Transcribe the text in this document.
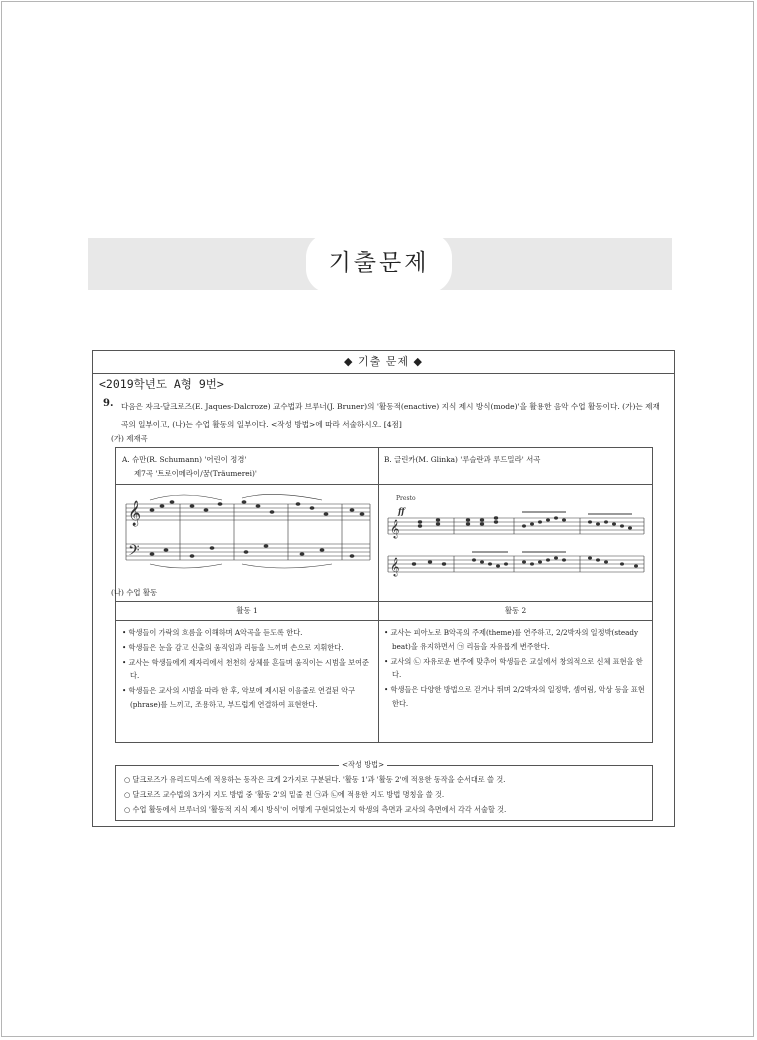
기출문제
◆ 기출 문제 ◆
<2019학년도 A형 9번>
9. 다음은 자크-달크로즈(E. Jaques-Dalcroze) 교수법과 브루너(J. Bruner)의 '활동적(enactive) 지식 제시 방식(mode)'을 활용한 음악 수업 활동이다. (가)는 제재곡의 일부이고, (나)는 수업 활동의 일부이다. <작성 방법>에 따라 서술하시오. [4점]
(가) 제재곡
A. 슈만(R. Schumann) '어린이 정경'
제7곡 '트로이메라이/꿈(Träumerei)'
B. 글린카(M. Glinka) '루슬란과 루드밀라' 서곡
𝄞
𝄢
Presto
ff
𝄞
𝄞
(나) 수업 활동
활동 1	활동 2
• 학생들이 가락의 흐름을 이해하며 A악곡을 듣도록 한다.
• 학생들은 눈을 감고 신출의 움직임과 리듬을 느끼며 손으로 지휘한다.
• 교사는 학생들에게 제자리에서 천천히 상체를 흔들며 움직이는 시범을 보여준다.
• 학생들은 교사의 시범을 따라 한 후, 악보에 제시된 이음줄로 연결된 악구(phrase)를 느끼고, 조용하고, 부드럽게 연결하여 표현한다.
• 교사는 피아노로 B악곡의 주제(theme)를 연주하고, 2/2박자의 일정박(steady beat)을 유지하면서 ㉠ 리듬을 자유롭게 변주한다.
• 교사의 ㉡ 자유로운 변주에 맞추어 학생들은 교실에서 창의적으로 신체 표현을 한다.
• 학생들은 다양한 방법으로 걷거나 뛰며 2/2박자의 일정박, 셈여림, 악상 등을 표현한다.
<작성 방법>
○ 달크로즈가 유리드믹스에 적용하는 동작은 크게 2가지로 구분된다. '활동 1'과 '활동 2'에 적용한 동작을 순서대로 쓸 것.
○ 달크로즈 교수법의 3가지 지도 방법 중 '활동 2'의 밑줄 친 ㉠과 ㉡에 적용한 지도 방법 명칭을 쓸 것.
○ 수업 활동에서 브루너의 '활동적 지식 제시 방식'이 어떻게 구현되었는지 학생의 측면과 교사의 측면에서 각각 서술할 것.
